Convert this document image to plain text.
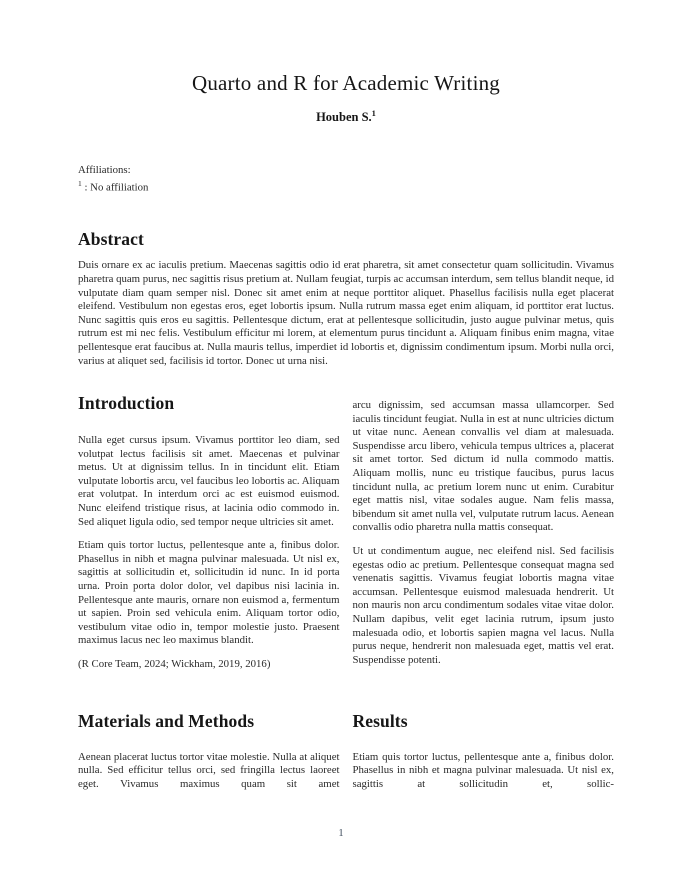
Quarto and R for Academic Writing
Houben S.$^1$
Affiliations:
$^1$ : No affiliation
Abstract
Duis ornare ex ac iaculis pretium. Maecenas sagittis odio id erat pharetra, sit amet consectetur quam sollicitudin. Vivamus pharetra quam purus, nec sagittis risus pretium at. Nullam feugiat, turpis ac accumsan interdum, sem tellus blandit neque, id vulputate diam quam semper nisl. Donec sit amet enim at neque porttitor aliquet. Phasellus facilisis nulla eget placerat eleifend. Vestibulum non egestas eros, eget lobortis ipsum. Nulla rutrum massa eget enim aliquam, id porttitor erat luctus. Nunc sagittis quis eros eu sagittis. Pellentesque dictum, erat at pellentesque sollicitudin, justo augue pulvinar metus, quis rutrum est mi nec felis. Vestibulum efficitur mi lorem, at elementum purus tincidunt a. Aliquam finibus enim magna, vitae pellentesque erat faucibus at. Nulla mauris tellus, imperdiet id lobortis et, dignissim condimentum ipsum. Morbi nulla orci, varius at aliquet sed, facilisis id tortor. Donec ut urna nisi.
Introduction

Nulla eget cursus ipsum. Vivamus porttitor leo diam, sed volutpat lectus facilisis sit amet. Maecenas et pulvinar metus. Ut at dignissim tellus. In in tincidunt elit. Etiam vulputate lobortis arcu, vel faucibus leo lobortis ac. Aliquam erat volutpat. In interdum orci ac est euismod euismod. Nunc eleifend tristique risus, at lacinia odio commodo in. Sed aliquet ligula odio, sed tempor neque ultricies sit amet.

Etiam quis tortor luctus, pellentesque ante a, finibus dolor. Phasellus in nibh et magna pulvinar malesuada. Ut nisl ex, sagittis at sollicitudin et, sollicitudin id nunc. In id porta urna. Proin porta dolor dolor, vel dapibus nisi lacinia in. Pellentesque ante mauris, ornare non euismod a, fermentum ut sapien. Proin sed vehicula enim. Aliquam tortor odio, vestibulum vitae odio in, tempor molestie justo. Praesent maximus lacus nec leo maximus blandit.

(R Core Team, 2024; Wickham, 2019, 2016)

arcu dignissim, sed accumsan massa ullamcorper. Sed iaculis tincidunt feugiat. Nulla in est at nunc ultricies dictum ut vitae nunc. Aenean convallis vel diam at malesuada. Suspendisse arcu libero, vehicula tempus ultrices a, placerat sit amet tortor. Sed dictum id nulla commodo mattis. Aliquam mollis, nunc eu tristique faucibus, purus lacus tincidunt nulla, ac pretium lorem nunc ut enim. Curabitur eget mattis nisl, vitae sodales augue. Nam felis massa, bibendum sit amet nulla vel, vulputate rutrum lacus. Aenean convallis odio pharetra nulla mattis consequat.

Ut ut condimentum augue, nec eleifend nisl. Sed facilisis egestas odio ac pretium. Pellentesque consequat magna sed venenatis sagittis. Vivamus feugiat lobortis magna vitae accumsan. Pellentesque euismod malesuada hendrerit. Ut non mauris non arcu condimentum sodales vitae vitae dolor. Nullam dapibus, velit eget lacinia rutrum, ipsum justo malesuada odio, et lobortis sapien magna vel lacus. Nulla purus neque, hendrerit non malesuada eget, mattis vel erat. Suspendisse potenti.

Materials and Methods

Aenean placerat luctus tortor vitae molestie. Nulla at aliquet nulla. Sed efficitur tellus orci, sed fringilla lectus laoreet eget. Vivamus maximus quam sit amet

Results

Etiam quis tortor luctus, pellentesque ante a, finibus dolor. Phasellus in nibh et magna pulvinar malesuada. Ut nisl ex, sagittis at sollicitudin et, sollic-

1
